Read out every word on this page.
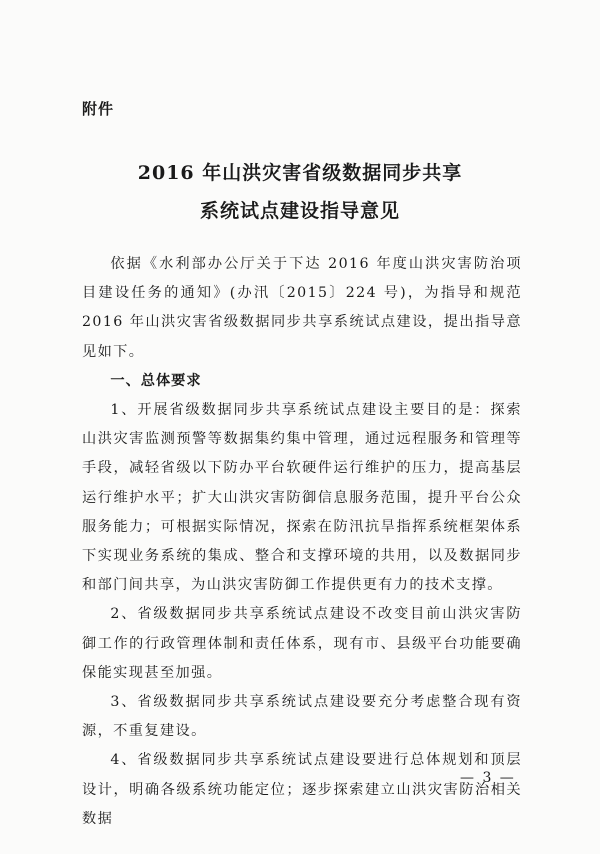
附件
2016 年山洪灾害省级数据同步共享
系统试点建设指导意见

依据《水利部办公厅关于下达 2016 年度山洪灾害防治项目建设任务的通知》(办汛〔2015〕224 号)，为指导和规范 2016 年山洪灾害省级数据同步共享系统试点建设，提出指导意见如下。

一、总体要求

1、开展省级数据同步共享系统试点建设主要目的是：探索山洪灾害监测预警等数据集约集中管理，通过远程服务和管理等手段，减轻省级以下防办平台软硬件运行维护的压力，提高基层运行维护水平；扩大山洪灾害防御信息服务范围，提升平台公众服务能力；可根据实际情况，探索在防汛抗旱指挥系统框架体系下实现业务系统的集成、整合和支撑环境的共用，以及数据同步和部门间共享，为山洪灾害防御工作提供更有力的技术支撑。

2、省级数据同步共享系统试点建设不改变目前山洪灾害防御工作的行政管理体制和责任体系，现有市、县级平台功能要确保能实现甚至加强。

3、省级数据同步共享系统试点建设要充分考虑整合现有资源，不重复建设。

4、省级数据同步共享系统试点建设要进行总体规划和顶层设计，明确各级系统功能定位；逐步探索建立山洪灾害防治相关数据

— 3 —
